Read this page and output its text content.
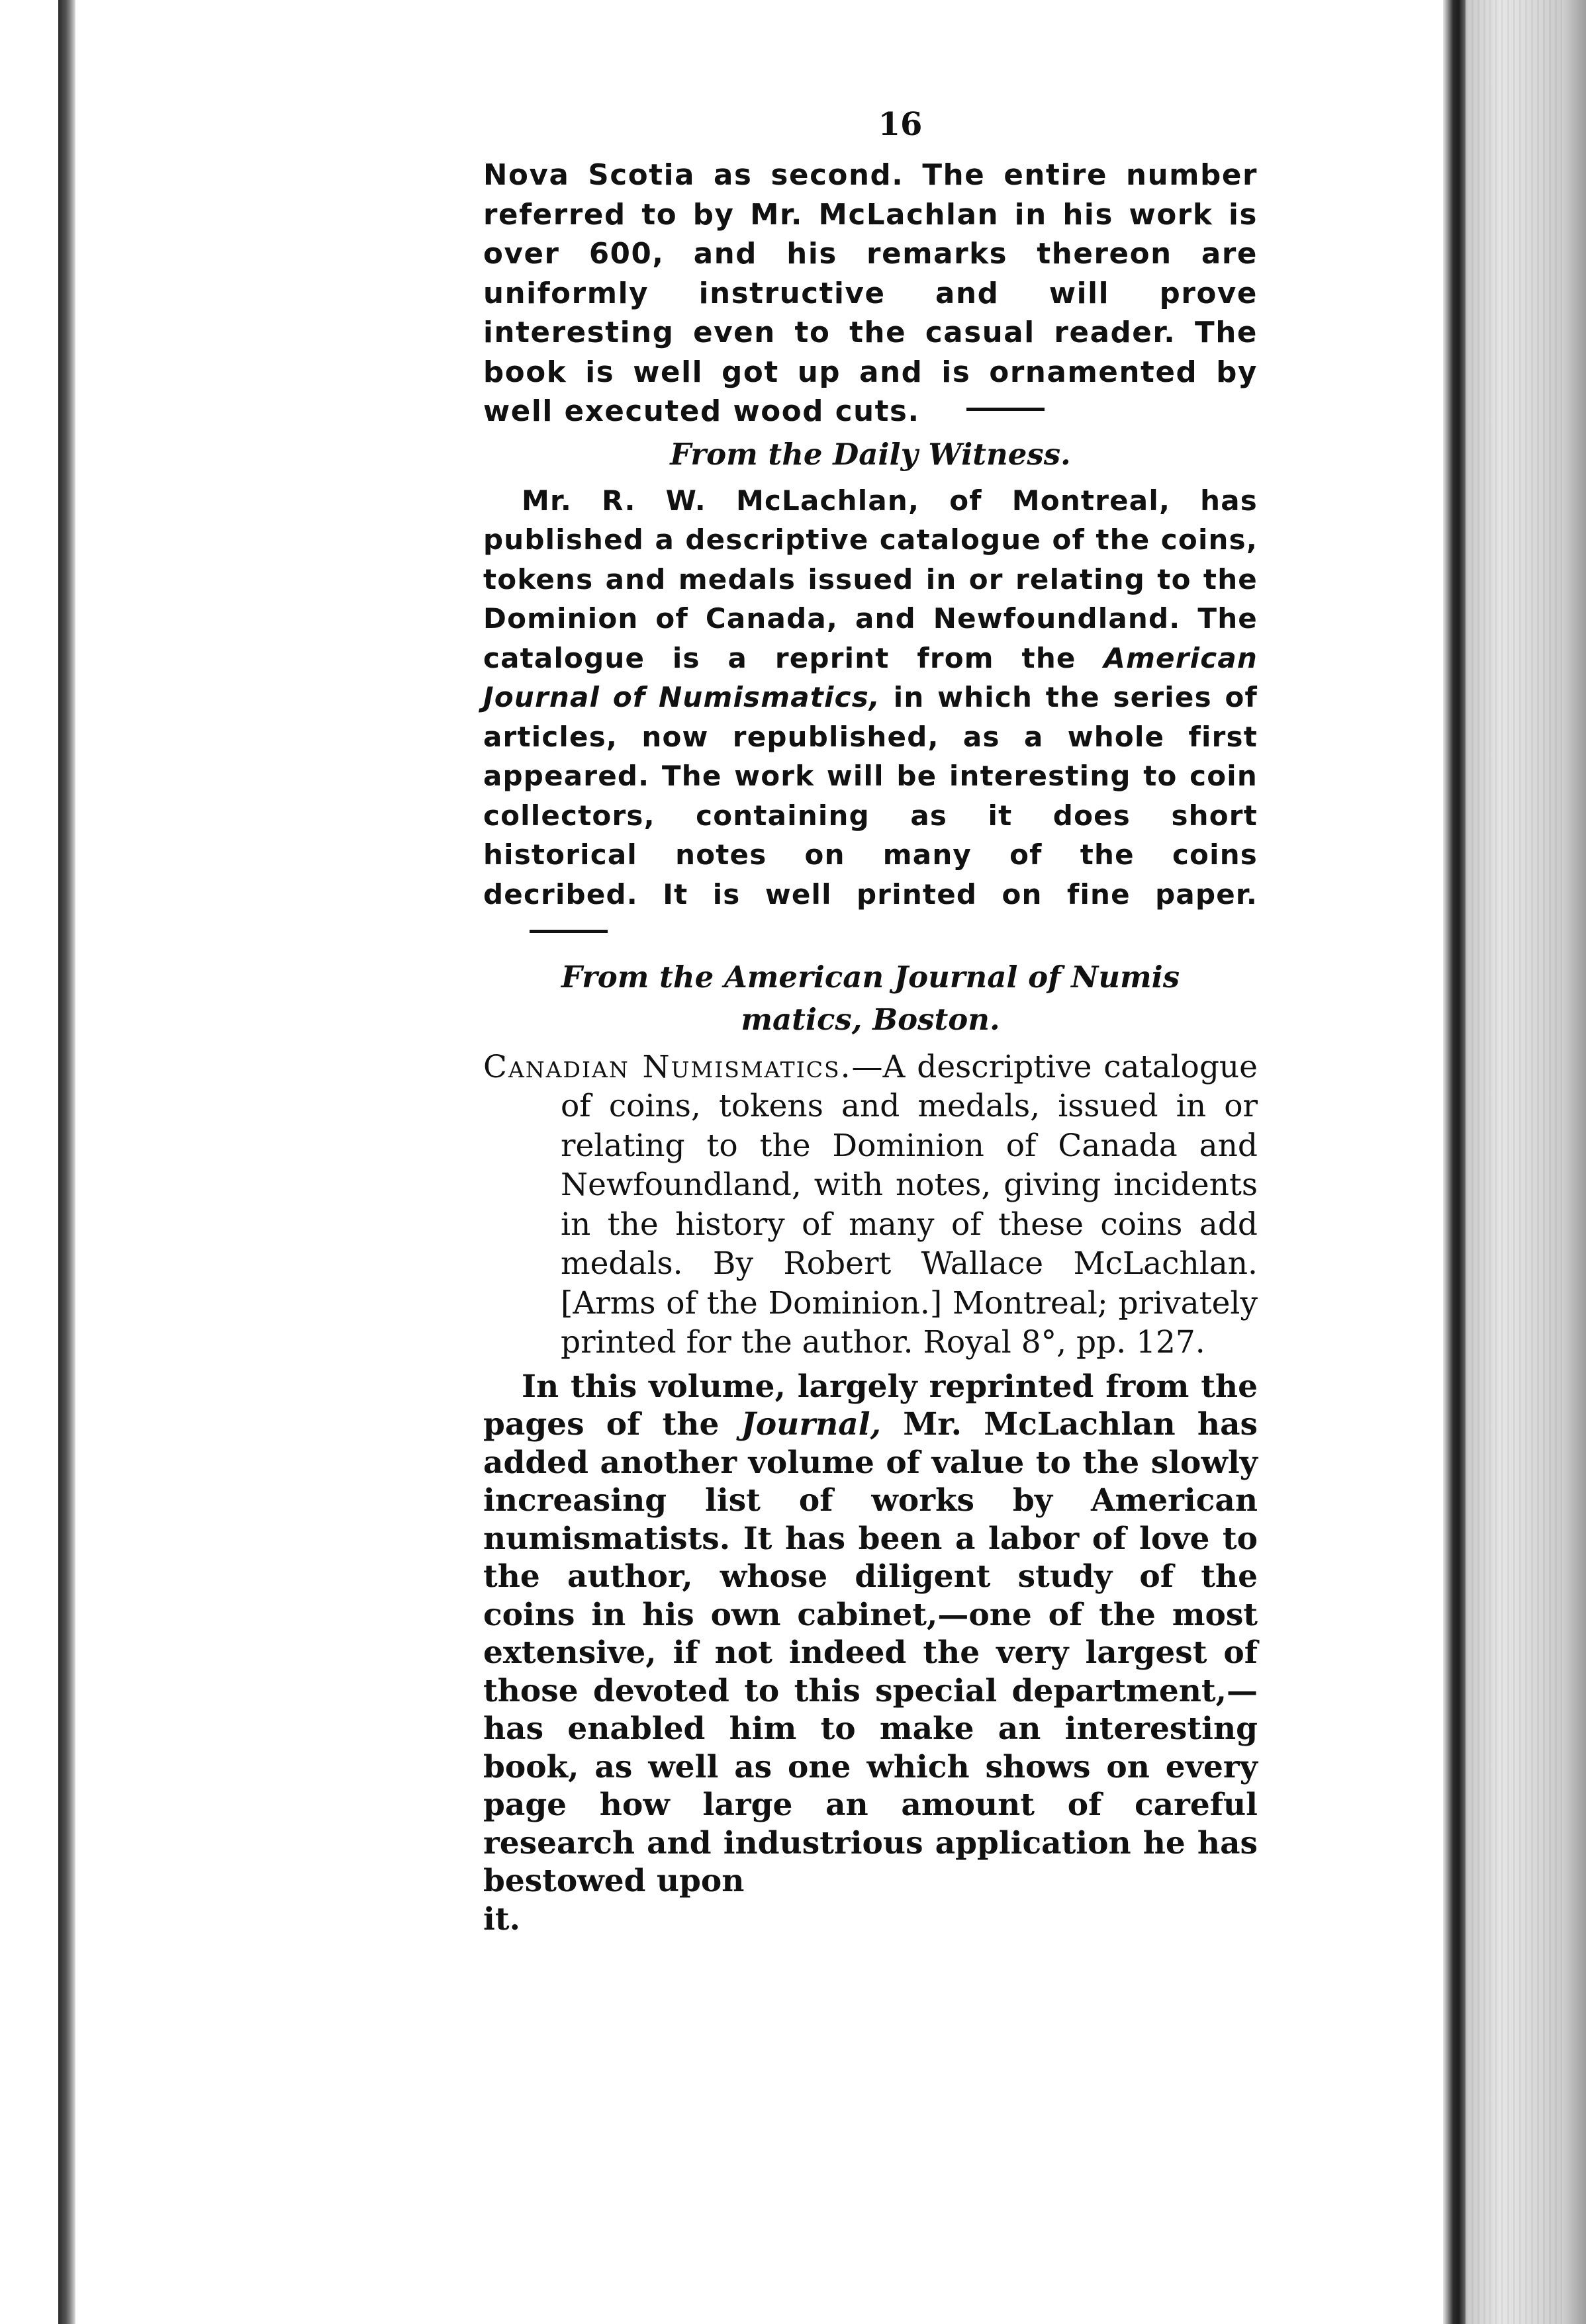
16

Nova Scotia as second. The entire number referred to by Mr. McLachlan in his work is over 600, and his remarks thereon are uniformly instructive and will prove interesting even to the casual reader. The book is well got up and is ornamented by well executed wood cuts.

From the Daily Witness.

Mr. R. W. McLachlan, of Montreal, has published a descriptive catalogue of the coins, tokens and medals issued in or relating to the Dominion of Canada, and Newfoundland. The catalogue is a reprint from the American Journal of Numismatics, in which the series of articles, now republished, as a whole first appeared. The work will be interesting to coin collectors, containing as it does short historical notes on many of the coins decribed. It is well printed on fine paper.

From the American Journal of Numis
matics, Boston.

Canadian Numismatics.—A descriptive catalogue of coins, tokens and medals, issued in or relating to the Dominion of Canada and Newfoundland, with notes, giving incidents in the history of many of these coins add medals. By Robert Wallace McLachlan. [Arms of the Dominion.] Montreal; privately printed for the author. Royal 8°, pp. 127.

In this volume, largely reprinted from the pages of the Journal, Mr. McLachlan has added another volume of value to the slowly increasing list of works by American numismatists. It has been a labor of love to the author, whose diligent study of the coins in his own cabinet,—one of the most extensive, if not indeed the very largest of those devoted to this special department,—has enabled him to make an interesting book, as well as one which shows on every page how large an amount of careful research and industrious application he has bestowed upon

it.
